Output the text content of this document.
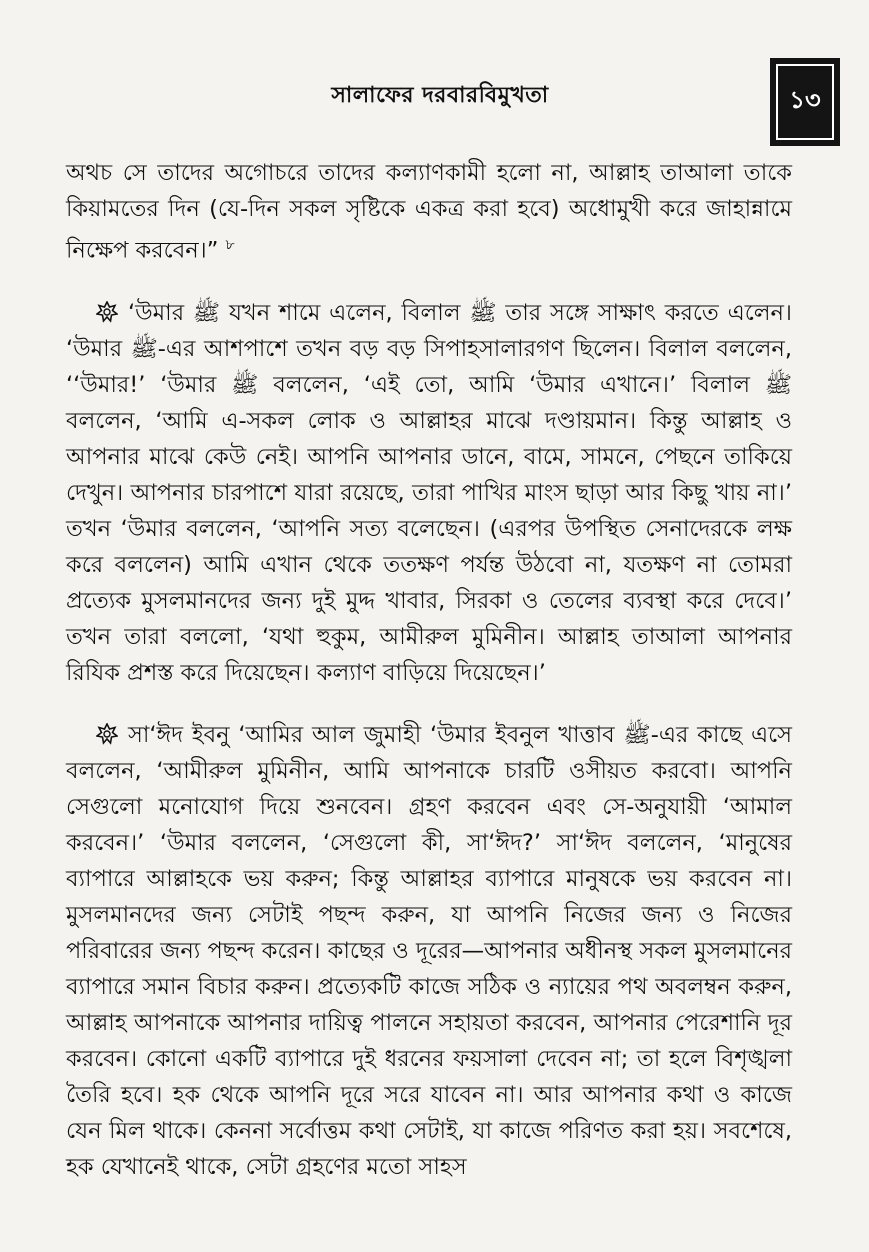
সালাফের দরবারবিমুখতা	১৩

অথচ সে তাদের অগোচরে তাদের কল্যাণকামী হলো না, আল্লাহ তাআলা তাকে কিয়ামতের দিন (যে-দিন সকল সৃষ্টিকে একত্র করা হবে) অধোমুখী করে জাহান্নামে নিক্ষেপ করবেন।” $^৮$

‘উমার ﷺ যখন শামে এলেন, বিলাল ﷺ তার সঙ্গে সাক্ষাৎ করতে এলেন। ‘উমার ﷺ-এর আশপাশে তখন বড় বড় সিপাহসালারগণ ছিলেন। বিলাল বললেন, ‘‘উমার!’ ‘উমার ﷺ বললেন, ‘এই তো, আমি ‘উমার এখানে।’ বিলাল ﷺ বললেন, ‘আমি এ-সকল লোক ও আল্লাহর মাঝে দণ্ডায়মান। কিন্তু আল্লাহ ও আপনার মাঝে কেউ নেই। আপনি আপনার ডানে, বামে, সামনে, পেছনে তাকিয়ে দেখুন। আপনার চারপাশে যারা রয়েছে, তারা পাখির মাংস ছাড়া আর কিছু খায় না।’ তখন ‘উমার বললেন, ‘আপনি সত্য বলেছেন। (এরপর উপস্থিত সেনাদেরকে লক্ষ করে বললেন) আমি এখান থেকে ততক্ষণ পর্যন্ত উঠবো না, যতক্ষণ না তোমরা প্রত্যেক মুসলমানদের জন্য দুই মুদ্দ খাবার, সিরকা ও তেলের ব্যবস্থা করে দেবে।’ তখন তারা বললো, ‘যথা হুকুম, আমীরুল মুমিনীন। আল্লাহ তাআলা আপনার রিযিক প্রশস্ত করে দিয়েছেন। কল্যাণ বাড়িয়ে দিয়েছেন।’

সা‘ঈদ ইবনু ‘আমির আল জুমাহী ‘উমার ইবনুল খাত্তাব ﷺ-এর কাছে এসে বললেন, ‘আমীরুল মুমিনীন, আমি আপনাকে চারটি ওসীয়ত করবো। আপনি সেগুলো মনোযোগ দিয়ে শুনবেন। গ্রহণ করবেন এবং সে-অনুযায়ী ‘আমাল করবেন।’ ‘উমার বললেন, ‘সেগুলো কী, সা‘ঈদ?’ সা‘ঈদ বললেন, ‘মানুষের ব্যাপারে আল্লাহকে ভয় করুন; কিন্তু আল্লাহর ব্যাপারে মানুষকে ভয় করবেন না। মুসলমানদের জন্য সেটাই পছন্দ করুন, যা আপনি নিজের জন্য ও নিজের পরিবারের জন্য পছন্দ করেন। কাছের ও দূরের—আপনার অধীনস্থ সকল মুসলমানের ব্যাপারে সমান বিচার করুন। প্রত্যেকটি কাজে সঠিক ও ন্যায়ের পথ অবলম্বন করুন, আল্লাহ আপনাকে আপনার দায়িত্ব পালনে সহায়তা করবেন, আপনার পেরেশানি দূর করবেন। কোনো একটি ব্যাপারে দুই ধরনের ফয়সালা দেবেন না; তা হলে বিশৃঙ্খলা তৈরি হবে। হক থেকে আপনি দূরে সরে যাবেন না। আর আপনার কথা ও কাজে যেন মিল থাকে। কেননা সর্বোত্তম কথা সেটাই, যা কাজে পরিণত করা হয়। সবশেষে, হক যেখানেই থাকে, সেটা গ্রহণের মতো সাহস
